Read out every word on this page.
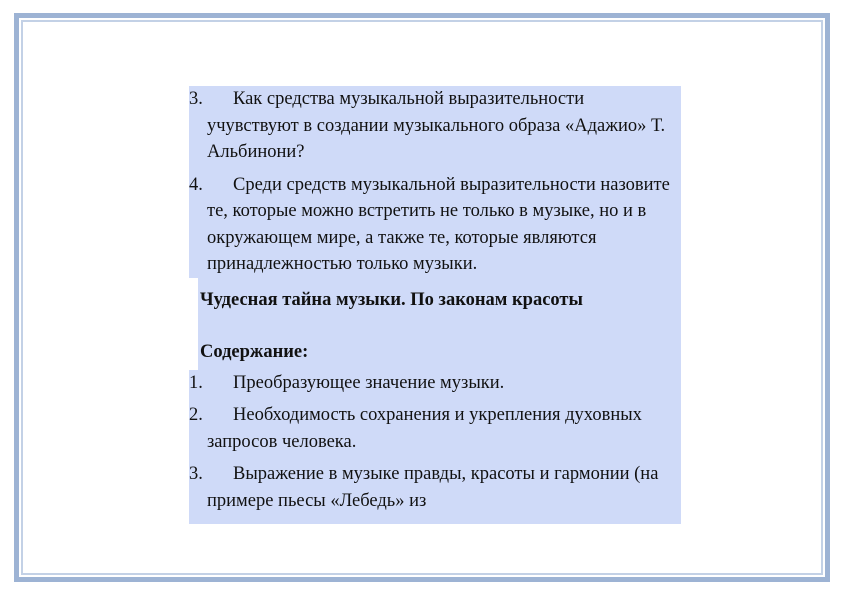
3. Как средства музыкальной выразительности учувствуют в создании музыкального образа «Адажио» Т. Альбинони?

4. Среди средств музыкальной выразительности назовите те, которые можно встретить не только в музыке, но и в окружающем мире, а также те, которые являются принадлежностью только музыки.

Чудесная тайна музыки. По законам красоты
Содержание:

1. Преобразующее значение музыки.

2. Необходимость сохранения и укрепления духовных запросов человека.

3. Выражение в музыке правды, красоты и гармонии (на примере пьесы «Лебедь» из
